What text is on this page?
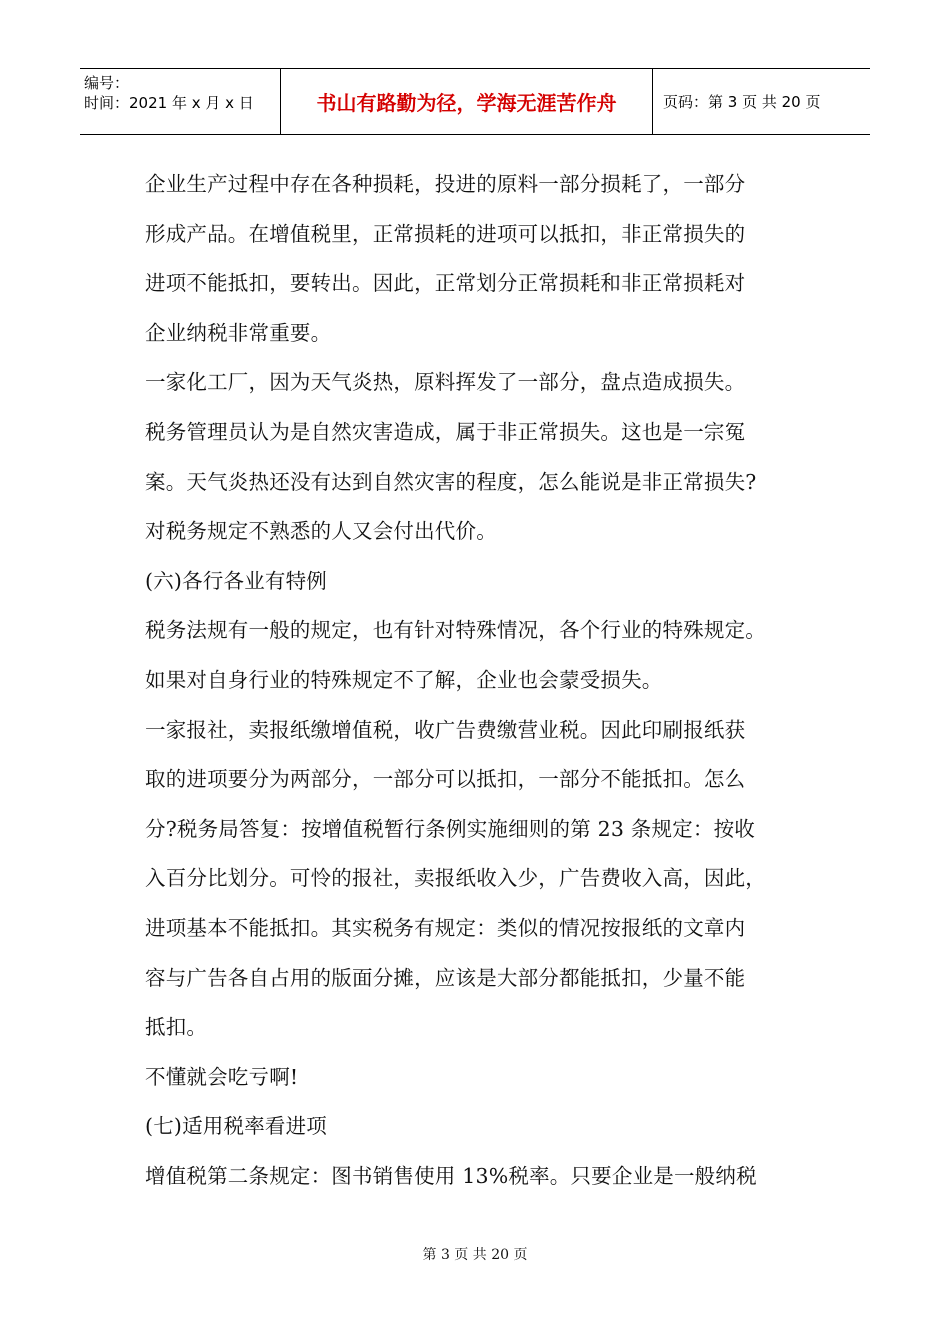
编号：
时间：2021 年 x 月 x 日	书山有路勤为径，学海无涯苦作舟	页码：第 3 页 共 20 页
企业生产过程中存在各种损耗，投进的原料一部分损耗了，一部分
形成产品。在增值税里，正常损耗的进项可以抵扣，非正常损失的
进项不能抵扣，要转出。因此，正常划分正常损耗和非正常损耗对
企业纳税非常重要。
一家化工厂，因为天气炎热，原料挥发了一部分，盘点造成损失。
税务管理员认为是自然灾害造成，属于非正常损失。这也是一宗冤
案。天气炎热还没有达到自然灾害的程度，怎么能说是非正常损失?
对税务规定不熟悉的人又会付出代价。
(六)各行各业有特例
税务法规有一般的规定，也有针对特殊情况，各个行业的特殊规定。
如果对自身行业的特殊规定不了解，企业也会蒙受损失。
一家报社，卖报纸缴增值税，收广告费缴营业税。因此印刷报纸获
取的进项要分为两部分，一部分可以抵扣，一部分不能抵扣。怎么
分?税务局答复：按增值税暂行条例实施细则的第 23 条规定：按收
入百分比划分。可怜的报社，卖报纸收入少，广告费收入高，因此，
进项基本不能抵扣。其实税务有规定：类似的情况按报纸的文章内
容与广告各自占用的版面分摊，应该是大部分都能抵扣，少量不能
抵扣。
不懂就会吃亏啊!
(七)适用税率看进项
增值税第二条规定：图书销售使用 13%税率。只要企业是一般纳税
第 3 页 共 20 页
